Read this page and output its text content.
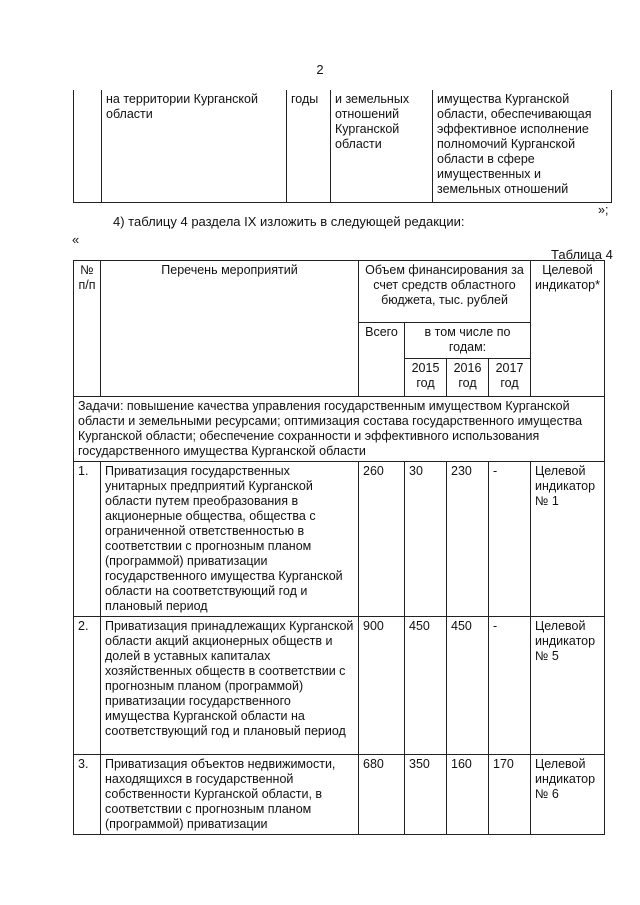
2
	на территории Курганской области	годы	и земельных отношений Курганской области	имущества Курганской области, обеспечивающая эффективное исполнение полномочий Курганской области в сфере имущественных и земельных отношений
»;
4) таблицу 4 раздела IX изложить в следующей редакции:
«
Таблица 4
№ п/п	Перечень мероприятий	Объем финансирования за счет средств областного бюджета, тыс. рублей				Целевой индикатор*
		Всего	в том числе по годам:			
			2015 год	2016 год	2017 год	
Задачи: повышение качества управления государственным имуществом Курганской области и земельными ресурсами; оптимизация состава государственного имущества Курганской области; обеспечение сохранности и эффективного использования государственного имущества Курганской области						
1.	Приватизация государственных унитарных предприятий Курганской области путем преобразования в акционерные общества, общества с ограниченной ответственностью в соответствии с прогнозным планом (программой) приватизации государственного имущества Курганской области на соответствующий год и плановый период	260	30	230	-	Целевой индикатор № 1
2.	Приватизация принадлежащих Курганской области акций акционерных обществ и долей в уставных капиталах хозяйственных обществ в соответствии с прогнозным планом (программой) приватизации государственного имущества Курганской области на соответствующий год и плановый период	900	450	450	-	Целевой индикатор № 5
3.	Приватизация объектов недвижимости, находящихся в государственной собственности Курганской области, в соответствии с прогнозным планом (программой) приватизации	680	350	160	170	Целевой индикатор № 6
